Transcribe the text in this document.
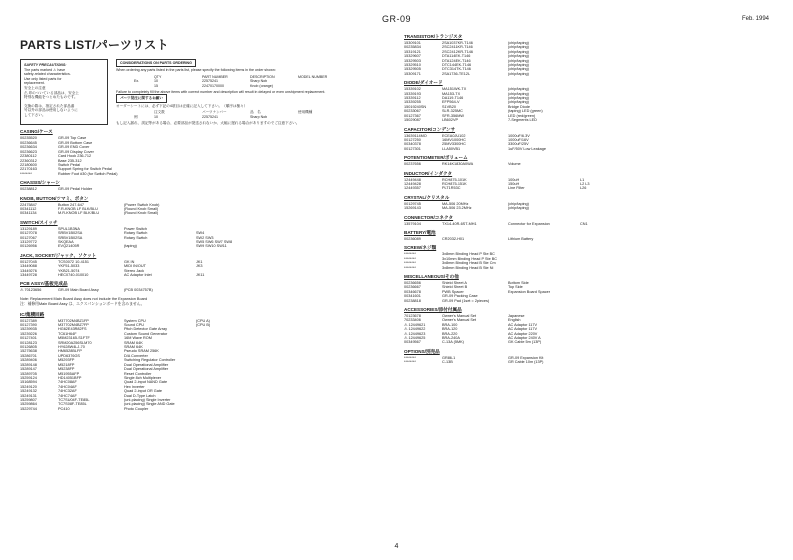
GR-09	Feb. 1994
PARTS LIST/パーツリスト
SAFETY PRECAUTIONS:
The parts marked ⚠ have
safety-related characteristics.
Use only listed parts for
replacement.
安全上の注意
⚠ 印のついている部品は、安全上
特別な機能をつとめたものです。
交換の際は、指定された部品番
号以外の部品は使用しないように
して下さい。
CONSIDERATIONS ON PARTS ORDERING
When ordering any parts listed in the parts list, please specify the following items in the order shown:
QTY	PART NUMBER	DESCRIPTION	MODEL NUMBER
Ex.	10	22575241	Sharp Nob
15	22470170000	Knob (orange)
Failure to completely fill the above items with correct number and description will result in delayed or even unshipment replacement.
パーツ発注に関するお願い
オーダーシートには、必ず下記の4項目は正確に記入して下さい。（順序は様々）
注文数	パーツナンバー	品　名	使用機種
例	10	22575241	Sharp Nob
もし記入漏れ、誤記等がある場合、必要部品が発送されないか、大幅に遅れる場合がありますのでご注意下さい。
CASING/ケース
00235520	GR-09 Top Case
00236645	GR-09 Bottom Case
00236634	GR-09 END Cover
00236623	GR-09 Display Cover
22380112	Card Hook 236-712
22360312	Base 235-312
22180600	Switch Pedal
22170163	Support Spring for Switch Pedal
********	Rubber Foot #30 (for Switch Pedal)
CHASSIS/シャーシ
00238812	GR-09 Pedal Holder
KNOB, BUTTON/ツマミ、ボタン
22475847	Button 247-647	(Power Switch Knob)
00341112	F.R-KNOB LF BLK/BLU	(Round Knob Small)
00341134	M.R-KNOB LF BLK/BLU	(Round Knob Small)
SWITCH/スイッチ
13129189	SPUL1B3NA	Power Switch
00127078	SRBV1B02SA	Rotary Switch	SW4
00127067	SRBV1B02SA	Rotary Switch	SW2 SW3
13129772	SKQEAA	SW5 SW6 SW7 SW8
00126956	EVQ21405R	(taping)	SW9 SW10 SW11
JACK, SOCKET/ジャック、ソケット
00127045	TCS0072 10-4151	GK IN	JK1
13449088	YKF51-5033	MIDI IN/OUT	JK3
13449276	YKB21-5074	Stereo Jack
13449728	HEC0740-010010	AC Adaptor Inlet	JK11
PCB ASSY/基板完成品
⚠ 70123656	GR-09 Main Board Assy	(PCB 0034757B)
Note: Replacement Main Board Assy does not include the Expansion Board
注：補修用Main Board Assy は、エクスパンションボードを含みません。
IC/集積回路
00127389	M37702M4BZ1FP	System CPU	(CPU A)
00127390	M37702M4BZ7FP	Sound CPU	(CPU B)
15239935	HG62E43R82FS	Pitch Detector Gate Array
15239226	TC61H64F	Custom Sound Generator
00127401	M5M23165-S1FTF	16M Wave ROM
00128123	SRM20A256SLM70	SRAM 64K
00126805	HY628W4LJ-70	SRAM 64K
15275638	HM6528BLFP	Pseudo SRAM 256K
15286701	UPD6376GS	D/A Converter
15289406	M5293FP	Switching Regulator Controller
15289148	M5218FP	Dual Operational Amplifier
15289147	M5238FP	Dual Operational Amplifier
15289705	M51955AFP	Reset Controller
15259124	HD14051BFP	Single 8ch Multiplexer
15168594	74HC08AF	Quad 2-input NAND Gate
15249120	74HC04AF	Hex Inverter
15249132	74HC32AF	Quad 2-input OR Gate
15249131	74HC74AF	Dual D-Type Latch
15259807	TC7SU04F-TE85L	(uni-placing) Single Inverter
15259864	TC7S08F-TE85L	(uni-placing) Single AND Gate
15229744	PC410	Photo Coupler
TRANSISTOR/トランジスタ
15309101	2SA1037KR-T146	(chip/taping)
00235834	2SC2411KR-T146	(chip/taping)
15319121	2SC2412KR-T146	(chip/taping)
15329607	DTA114EK-T146	(chip/taping)
15329503	DTA124EK-T146	(chip/taping)
15329510	DTC144EK-T146	(chip/taping)
15329505	DTC314TK-T146	(chip/taping)
15309171	2SA1736-TE12L	(chip/taping)
DIODE/ダイオード
15339102	MA151WK-TX	(chip/taping)
15339193	MA153-TX	(chip/taping)
15339112	DA119-T146	(chip/taping)
15339255	EFP564-V	(chip/taping)
15019240SN	S1VB20	Bridge Diode
00233067	SLR-325MC	(taping) LED (green)
00127367	SFR-356MW	LED (red/green)
15029087	LB602VP	7-Segments LED
CAPACITOR/コンデンサ
13639114MO	ECEA0JU102	1000uF/6.3V
00127250	16MV1000HC	1000uF/16V
00340378	25MV3300HC	3300uF/25V
00127301	LLA50VB1	1uF/50V Low Leakage
POTENTIOMETER/ボリューム
00237656	RK14K1830A0WA	Volume
INDUCTOR/インダクタ
12449448	RCH875-101K	100uH	L1
12449428	RCH875-151K	150uH	L2 L3
12449357	PLT1R53C	Line Filter	L26
CRYSTAL/クリスタル
00129745	MA-506 20MHz	(chip/taping)
15269143	MA-506 23.2MHz	(chip/taping)
CONNECTOR/コネクタ
13579104	TX14-40R-6ST-MH1	Connector for Expansion	CN1
BATTERY/電池
00236089	CR2032-H01	Lithium Battery
SCREW/ネジ類
********	3x8mm Binding Head P Ste BC
********	3x10mm Binding Head P Ste BC
********	3x8mm Binding Head B Ste Cm
********	3x8mm Binding Head B Ste Ni
MISCELLANEOUS/その他
00236656	Shield Sheet A	Bottom Side
00236667	Shield Sheet B	Top Side
00346678	PWB Spacer	Expansion Board Spacer
00341601	GR-09 Packing Case
00238818	GR-09 Pad (1set = 2pieces)
ACCESSORIES/添付付属品
70123678	Owner's Manual Set	Japanese
70233406	Owner's Manual Set	English
⚠ 12449621	BRA-100	AC Adaptor 117V
⚠ 12449622	BRA-120	AC Adaptor 117V
⚠ 12449623	BRA-220	AC Adaptor 220V
⚠ 12449625	BRA-240A	AC Adaptor 240V A
00349567	C-13A (5MK)	GK Cable 5m (13P)
OPTIONS/別売品
********	GR86-1	GR-09 Expansion Kit
********	C-13B	GR Cable 10m (13P)
4
